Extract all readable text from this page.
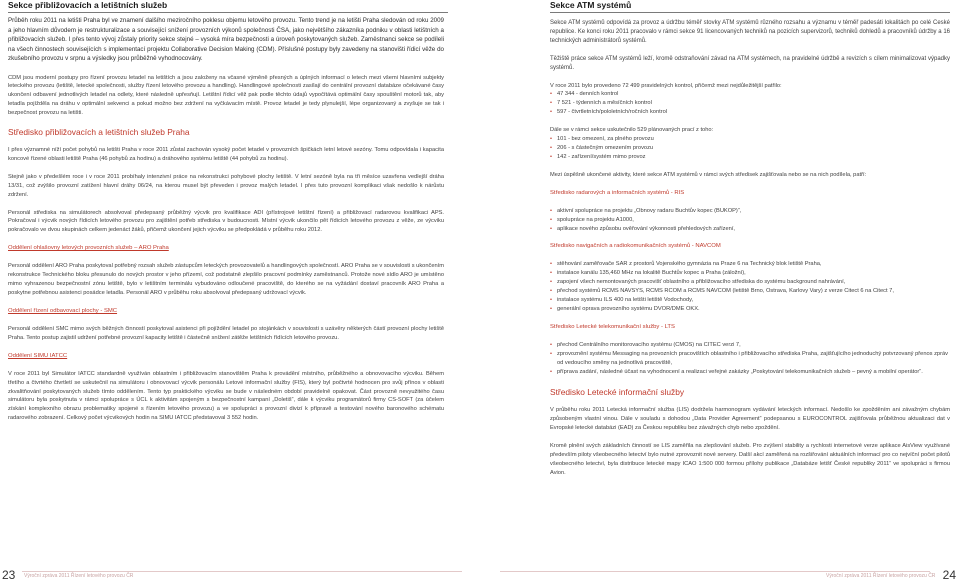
Sekce přibližovacích a letištních služeb
Průběh roku 2011 na letišti Praha byl ve znamení dalšího meziročního poklesu objemu letového provozu. Tento trend je na letišti Praha sledován od roku 2009 a jeho hlavním důvodem je restrukturalizace a související snížení provozních výkonů společnosti ČSA, jako největšího zákazníka podniku v oblasti letištních a přibližovacích služeb. I přes tento vývoj zůstaly priority sekce stejné – vysoká míra bezpečnosti a úroveň poskytovaných služeb. Zaměstnanci sekce se podíleli na všech činnostech souvisejících s implementací projektu Collaborative Decision Making (CDM). Příslušné postupy byly zavedeny na stanovišti řídicí věže do zkušebního provozu v srpnu a výsledky jsou průběžně vyhodnocovány.

CDM jsou moderní postupy pro řízení provozu letadel na letištích a jsou založeny na včasné výměně přesných a úplných informací o letech mezi všemi hlavními subjekty leteckého provozu (letiště, letecké společnosti, služby řízení letového provozu a handling). Handlingové společnosti zasílají do centrální provozní databáze očekávané časy ukončení odbavení jednotlivých letadel na odlety, které následně upřesňují. Letištní řídicí věž pak podle těchto údajů vypočítává optimální časy spouštění motorů tak, aby letadla pojížděla na dráhu v optimální sekvenci a pokud možno bez zdržení na vyčkávacím místě. Provoz letadel je tedy plynulejší, lépe organizovaný a zvyšuje se tak i bezpečnost provozu na letišti.

Středisko přibližovacích a letištních služeb Praha

I přes významné níží počet pohybů na letišti Praha v roce 2011 zůstal zachován vysoký počet letadel v provozních špičkách letní letové sezóny. Tomu odpovídala i kapacita koncové řízené oblasti letiště Praha (46 pohybů za hodinu) a dráhového systému letiště (44 pohybů za hodinu).

Stejně jako v předešlém roce i v roce 2011 probíhaly intenzivní práce na rekonstrukci pohybové plochy letiště. V letní sezóně byla na tři měsíce uzavřena vedlejší dráha 13/31, což zvýšilo provozní zatížení hlavní dráhy 06/24, na kterou musel být převeden i provoz malých letadel. I přes tuto provozní komplikaci však nedošlo k nárůstu zdržení.

Personál střediska na simulátorech absolvoval předepsaný průběžný výcvik pro kvalifikace ADI (přístrojové letištní řízení) a přibližovací radarovou kvalifikaci APS. Pokračoval i výcvik nových řídicích letového provozu pro zajištění potřeb střediska v budoucnosti. Místní výcvik ukončilo pět řídicích letového provozu z věže, ze výcviku pokračovalo ve dvou skupinách celkem jedenáct žáků, přičemž ukončení jejich výcviku se předpokládá v průběhu roku 2012.

Oddělení ohlašovny letových provozních služeb – ARO Praha

Personál oddělení ARO Praha poskytoval potřebný rozsah služeb zástupcům leteckých provozovatelů a handlingových společností. ARO Praha se v souvislosti s ukončením rekonstrukce Technického bloku přesunulo do nových prostor v jeho přízemí, což podstatně zlepšilo pracovní podmínky zaměstnanců. Protože nové sídlo ARO je umístěno mimo vyhrazenou bezpečnostní zónu letiště, bylo v letištním terminálu vybudováno odloučené pracoviště, do kterého se na vyžádání dostaví pracovník ARO Praha a poskytne potřebnou asistenci posádce letadla. Personál ARO v průběhu roku absolvoval předepsaný udržovací výcvik.

Oddělení řízení odbavovací plochy - SMC

Personál oddělení SMC mimo svých běžných činností poskytoval asistenci při pojíždění letadel po stojánkách v souvislosti s uzávěry některých částí provozní plochy letiště Praha. Tento postup zajistil udržení potřebné provozní kapacity letiště i částečně snížení zátěže letištních řídících letového provozu.

Oddělení SIMU IATCC

V roce 2011 byl Simulátor IATCC standardně využíván oblastním i přibližovacím stanovištěm Praha k provádění místního, průběžného a obnovovacího výcviku. Během třetího a čtvrtého čtvrtletí se uskutečnil na simulátoru i obnovovací výcvik personálu Letové informační služby (FIS), který byl počtvrté hodnocen pro svůj přínos v oblasti zkvalitňování poskytovaných služeb tímto oddělením. Tento typ praktického výcviku se bude v následném období pravidelně opakovat. Část provozně nevyužitého času simulátoru byla poskytnuta v rámci spolupráce s ÚCL k aktivitám spojeným s bezpečnostní kampaní „Doletiš“, dále k výcviku programátorů firmy CS-SOFT (za účelem získání komplexního obrazu problematiky spojené s řízením letového provozu) a ve spolupráci s provozní divizí k přípravě a testování nového baronového schématu radarového zobrazení. Celkový počet výcvikových hodin na SIMU IATCC představoval 3 552 hodin.

23 Výroční zpráva 2011 Řízení letového provozu ČR
Sekce ATM systémů

Sekce ATM systémů odpovídá za provoz a údržbu téměř stovky ATM systémů různého rozsahu a významu v téměř padesáti lokalitách po celé České republice. Ke konci roku 2011 pracovalo v rámci sekce 91 licencovaných techniků na pozicích supervizorů, techniků dohledů a pracovníků údržby a 16 technických administrátorů systémů.

Těžiště práce sekce ATM systémů leží, kromě odstraňování závad na ATM systémech, na pravidelné údržbě a revizích s cílem minimalizovat výpadky systémů.

V roce 2011 bylo provedeno 72 499 pravidelných kontrol, přičemž mezi nejdůležitější patřilo:

• 47 344 - denních kontrol
• 7 521 - týdenních a měsíčních kontrol
• 597 - čtvrtletních/pololetních/ročních kontrol

Dále se v rámci sekce uskutečnilo 529 plánovaných prací z toho:

• 101 - bez omezení, za plného provozu
• 206 - s částečným omezením provozu
• 142 - zařízení/systém mimo provoz

Mezi úspěšně ukončené aktivity, které sekce ATM systémů v rámci svých středisek zajišťovala nebo se na nich podílela, patří:

Středisko radarových a informačních systémů - RIS
• aktivní spolupráce na projektu „Obnovy radaru Buchtův kopec (BUKOP)“,
• spolupráce na projektu A1000,
• aplikace nového způsobu ověřování výkonnosti přehledových zařízení,
Středisko navigačních a radiokomunikačních systémů - NAVCOM
• stěhování zaměřovače SAR z prostorů Vojenského gymnázia na Praze 6 na Technický blok letiště Praha,
• instalace kanálu 135,460 MHz na lokalitě Buchtův kopec a Praha (záložní),
• zapojení všech nemontovaných pracovišť oblastního a přibližovacího střediska do systému background nahrávání,
• přechod systémů RCMS NAVSYS, RCMS RCOM a RCMS NAVCOM (letiště Brno, Ostrava, Karlovy Vary) z verze Citect 6 na Citect 7,
• instalace systému ILS 400 na letišti letiště Vodochody,
• generální oprava provozního systému DVOR/DME OKX.
Středisko Letecké telekomunikační služby - LTS
• přechod Centrálního monitorovacího systému (CMOS) na CITEC verzi 7,
• zprovoznění systému Messaging na provozních pracovištích oblastního i přibližovacího střediska Praha, zajišťujícího jednoduchý potvrzovaný přenos zpráv od vedoucího směny na jednotlivá pracoviště,
• příprava zadání, následné účast na vyhodnocení a realizaci veřejné zakázky „Poskytování telekomunikačních služeb – pevný a mobilní operátor“.
Středisko Letecké informační služby

V průběhu roku 2011 Letecká informační služba (LIS) dodržela harmonogram vydávání leteckých informací. Nedošlo ke zpožděním ani závažným chybám způsobeným vlastní vinou. Dále v souladu s dohodou „Data Provider Agreement“ podepsanou s EUROCONTROL zajišťovala průběžnou aktualizaci dat v Evropské letecké databázi (EAD) za Českou republiku bez závažných chyb nebo zpoždění.

Kromě plnění svých základních činností se LIS zaměřila na zlepšování služeb. Pro zvýšení stability a rychlosti internetové verze aplikace AisView využívané především piloty všeobecného letectví bylo nutné zprovoznit nové servery. Další akcí zaměřená na rozšiřování aktuálních informací pro co nejvíční počet pilotů všeobecného letectví, byla distribuce letecké mapy ICAO 1:500 000 formou přílohy publikace „Databáze letišť České republiky 2011“ ve spolupráci s firmou Avion.

Výroční zpráva 2011 Řízení letového provozu ČR 24
